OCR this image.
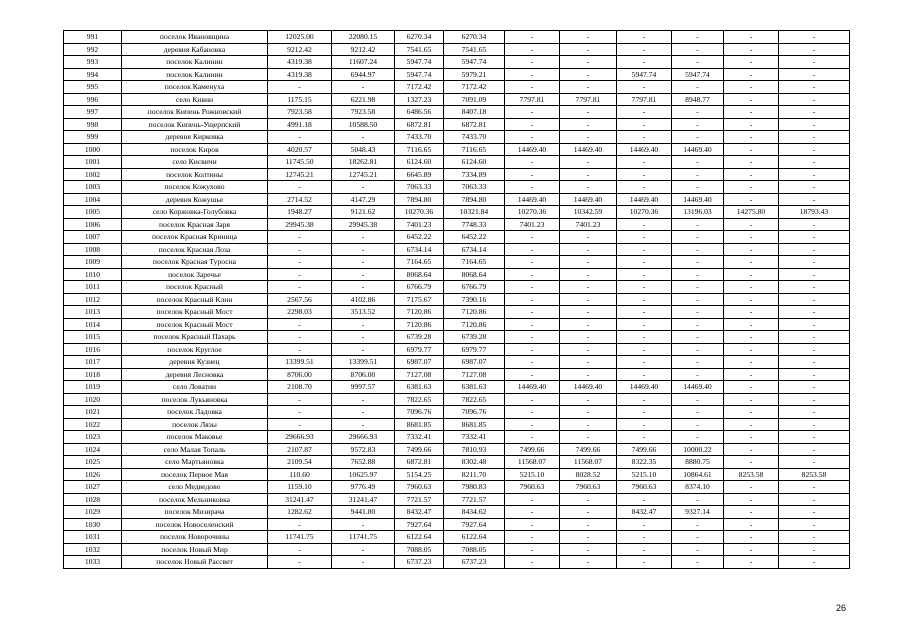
991	поселок Ивановщина	12025.00	22080.15	6270.34	6270.34	-	-	-	-	-	-
992	деревня Кабановка	9212.42	9212.42	7541.65	7541.65	-	-	-	-	-	-
993	поселок Калинин	4319.38	11607.24	5947.74	5947.74	-	-	-	-	-	-
994	поселок Калинин	4319.38	6944.97	5947.74	5979.21	-	-	5947.74	5947.74	-	-
995	поселок Каменуха	-	-	7172.42	7172.42	-	-	-	-	-	-
996	село Кивин	1175.15	6221.98	1327.23	7091.09	7797.81	7797.81	7797.81	8948.77	-	-
997	поселок Кипень Рожновский	7923.58	7923.58	6486.56	8407.18	-	-	-	-	-	-
998	поселок Кипень-Ущерпский	4991.18	10588.50	6872.81	6872.81	-	-	-	-	-	-
999	деревня Кирковка	-	-	7433.70	7433.70	-	-	-	-	-	-
1000	поселок Киров	4020.57	5048.43	7116.65	7116.65	14469.40	14469.40	14469.40	14469.40	-	-
1001	село Кисвичи	11745.50	18262.81	6124.60	6124.60	-	-	-	-	-	-
1002	поселок Колтины	12745.21	12745.21	6645.89	7334.89	-	-	-	-	-	-
1003	поселок Кожухово	-	-	7063.33	7063.33	-	-	-	-	-	-
1004	деревня Кожушье	2714.52	4147.29	7894.80	7894.80	14469.40	14469.40	14469.40	14469.40	-	-
1005	село Коржовка-Голубовка	1948.27	9121.62	10270.36	10321.84	10270.36	10342.59	10270.36	13196.03	14275.80	18793.43
1006	поселок Красная Заря	29945.38	29945.38	7401.23	7748.33	7401.23	7401.23	-	-	-	-
1007	поселок Красная Криница	-	-	6452.22	6452.22	-	-	-	-	-	-
1008	поселок Красная Лоза	-	-	6734.14	6734.14	-	-	-	-	-	-
1009	поселок Красная Туросна	-	-	7164.65	7164.65	-	-	-	-	-	-
1010	поселок Заречье	-	-	8068.64	8068.64	-	-	-	-	-	-
1011	поселок Красный	-	-	6766.79	6766.79	-	-	-	-	-	-
1012	поселок Красный Клин	2567.56	4102.86	7175.67	7390.16	-	-	-	-	-	-
1013	поселок Красный Мост	2298.03	3513.52	7120.86	7120.86	-	-	-	-	-	-
1014	поселок Красный Мост	-	-	7120.86	7120.86	-	-	-	-	-	-
1015	поселок Красный Пахарь	-	-	6739.28	6739.28	-	-	-	-	-	-
1016	поселок Круглое	-	-	6979.77	6979.77	-	-	-	-	-	-
1017	деревня Кузнец	13399.51	13399.51	6987.07	6987.07	-	-	-	-	-	-
1018	деревня Лесновка	8706.00	8706.00	7127.08	7127.08	-	-	-	-	-	-
1019	село Ловатин	2108.70	9997.57	6381.63	6381.63	14469.40	14469.40	14469.40	14469.40	-	-
1020	поселок Лукьяновка	-	-	7822.65	7822.65	-	-	-	-	-	-
1021	поселок Ладовка	-	-	7096.76	7096.76	-	-	-	-	-	-
1022	поселок Лязы	-	-	8681.85	8681.85	-	-	-	-	-	-
1023	поселок Маковье	29666.93	29666.93	7332.41	7332.41	-	-	-	-	-	-
1024	село Малая Топаль	2107.87	9572.83	7499.66	7810.93	7499.66	7499.66	7499.66	10000.22	-	-
1025	село Мартьяновка	2109.54	7652.88	6872.81	8302.48	11568.07	11568.07	8322.35	8880.75	-	-
1026	поселок Первое Мая	110.60	10625.97	5154.25	8211.70	5215.10	8028.52	5215.10	10864.61	8253.58	8253.58
1027	село Медведово	1159.10	9776.49	7960.63	7980.83	7960.63	7960.63	7960.63	8374.10	-	-
1028	поселок Мельниковка	31241.47	31241.47	7721.57	7721.57	-	-	-	-	-	-
1029	поселок Мизирача	1282.62	9441.80	8432.47	8434.62	-	-	8432.47	9327.14	-	-
1030	поселок Новоселенский	-	-	7927.64	7927.64	-	-	-	-	-	-
1031	поселок Новорочины	11741.75	11741.75	6122.64	6122.64	-	-	-	-	-	-
1032	поселок Новый Мир	-	-	7088.05	7088.05	-	-	-	-	-	-
1033	поселок Новый Рассвет	-	-	6737.23	6737.23	-	-	-	-	-	-
26
